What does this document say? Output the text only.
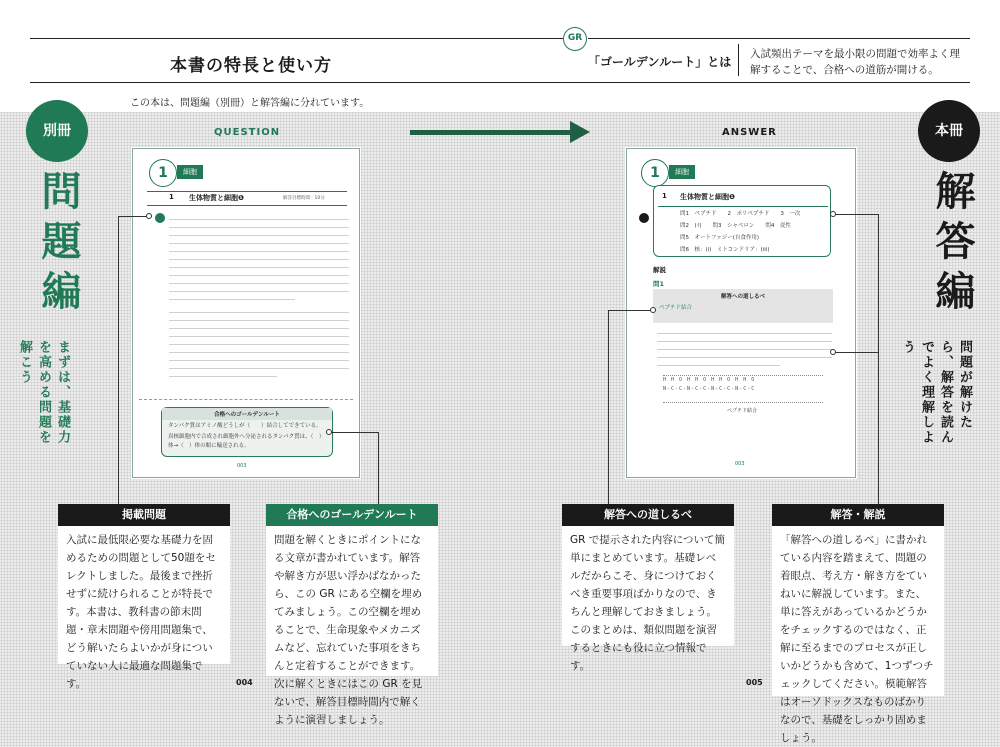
GR
本書の特長と使い方	「ゴールデンルート」とは
入試頻出テーマを最小限の問題で効率よく理解することで、合格への道筋が開ける。
この本は、問題編（別冊）と解答編に分れています。
別冊
問題編
まずは、基礎力を高める問題を解こう
本冊
解答編
問題が解けたら、解答を読んでよく理解しよう
QUESTION	ANSWER
1	細胞
1 生体物質と細胞❶	解答目標時間：10分
合格へのゴールデンルート
タンパク質はアミノ酸どうしが（　　）結合してできている。
真核細胞内で合成され細胞外へ分泌されるタンパク質は、（　）体→（　）体の順に輸送される。
003
1	細胞
1 生体物質と細胞❶
問1　ペプチド　　2　ポリペプチド　　3　一次
問2　(ｲ)　　問3　シャペロン　　問4　変性
問5　オートファジー(自食作用)
問6　核：(i)　ミトコンドリア：(iii)
解説
問1
解答への道しるべ
ペプチド結合
H H O H H O H H O H H O
N-C-C-N-C-C-N-C-C-N-C-C
ペプチド結合
003
掲載問題
入試に最低限必要な基礎力を固めるための問題として50題をセレクトしました。最後まで挫折せずに続けられることが特長です。本書は、教科書の節末問題・章末問題や傍用問題集で、どう解いたらよいかが身についていない人に最適な問題集です。
合格へのゴールデンルート
問題を解くときにポイントになる文章が書かれています。解答や解き方が思い浮かばなかったら、この GR にある空欄を埋めてみましょう。この空欄を埋めることで、生命現象やメカニズムなど、忘れていた事項をきちんと定着することができます。次に解くときにはこの GR を見ないで、解答目標時間内で解くように演習しましょう。
解答への道しるべ
GR で提示された内容について簡単にまとめています。基礎レベルだからこそ、身につけておくべき重要事項ばかりなので、きちんと理解しておきましょう。このまとめは、類似問題を演習するときにも役に立つ情報です。
解答・解説
「解答への道しるべ」に書かれている内容を踏まえて、問題の着眼点、考え方・解き方をていねいに解説しています。また、単に答えがあっているかどうかをチェックするのではなく、正解に至るまでのプロセスが正しいかどうかも含めて、1つずつチェックしてください。模範解答はオーソドックスなものばかりなので、基礎をしっかり固めましょう。
004	005
